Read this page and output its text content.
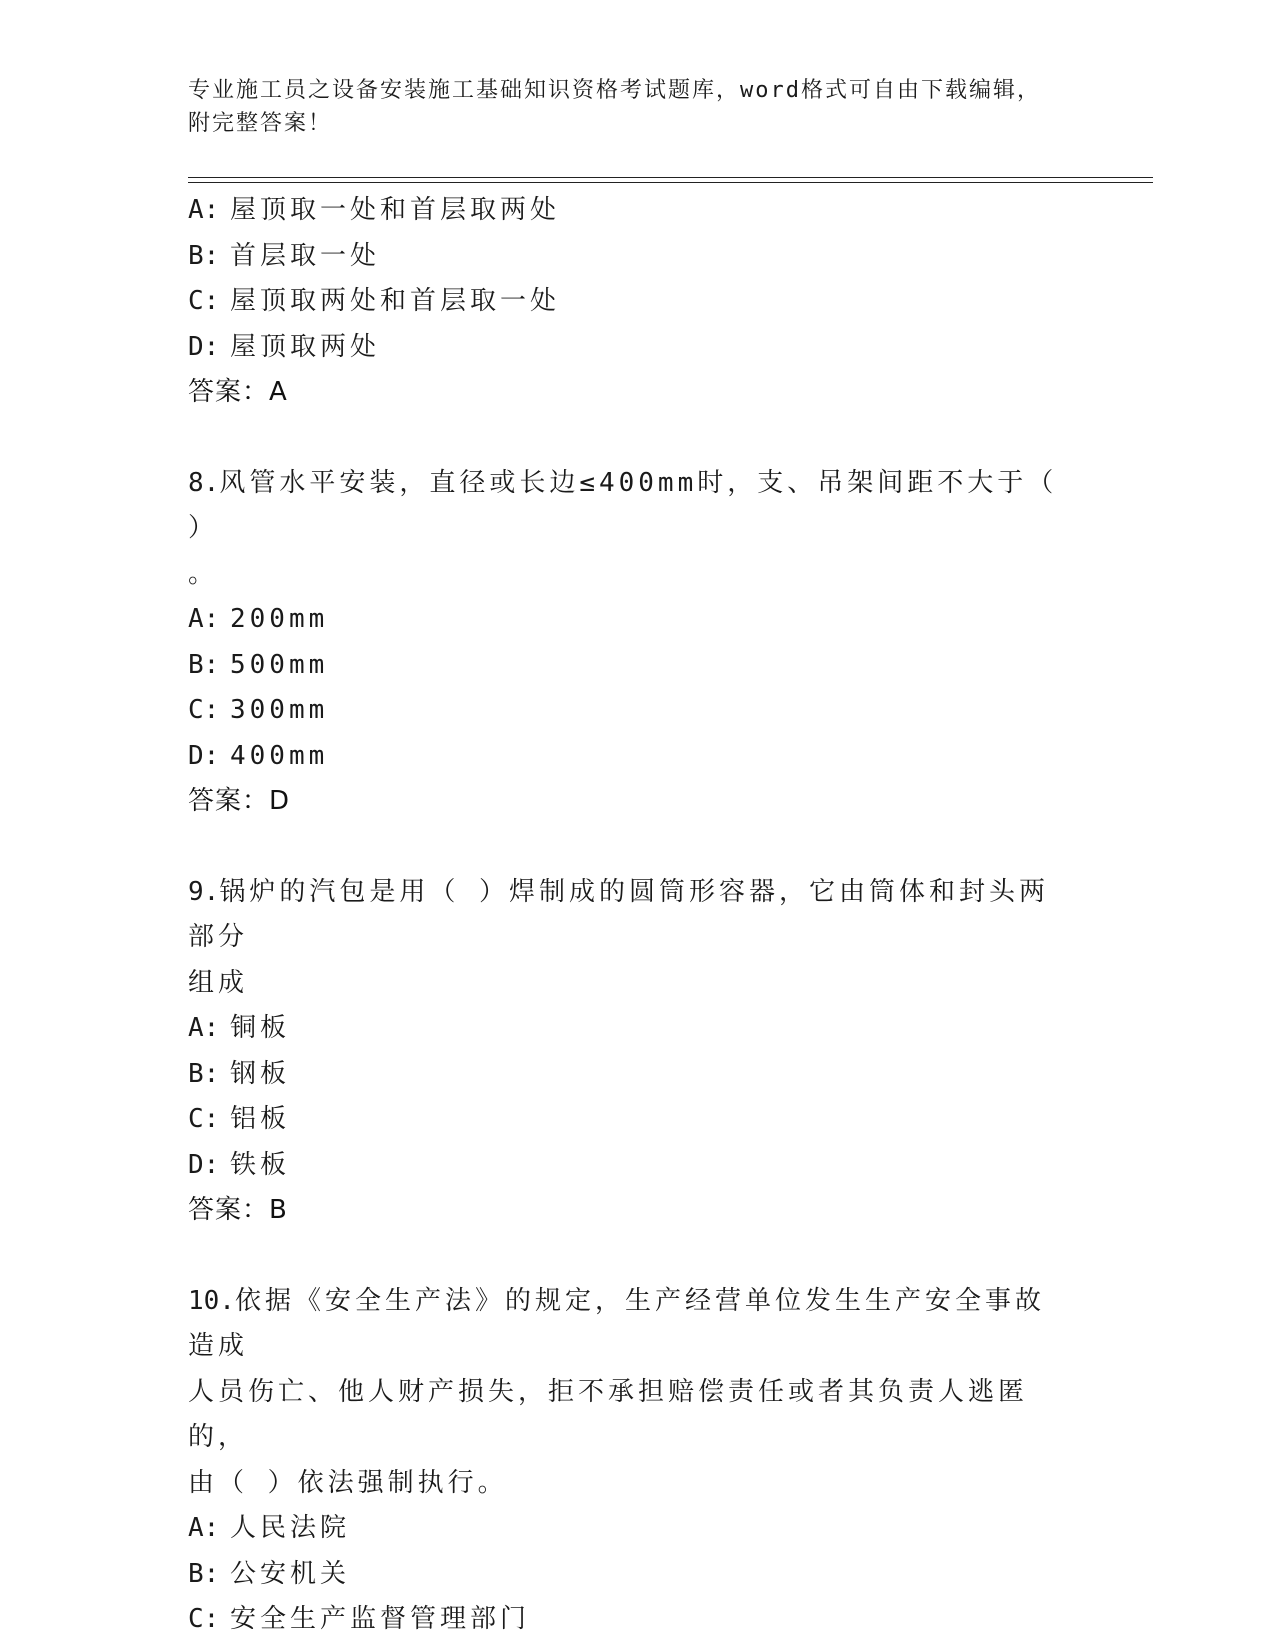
专业施工员之设备安装施工基础知识资格考试题库，word格式可自由下载编辑，
附完整答案！
A: 屋顶取一处和首层取两处
B: 首层取一处
C: 屋顶取两处和首层取一处
D: 屋顶取两处
答案：A
8.风管水平安装，直径或长边≤400mm时，支、吊架间距不大于（ ）
。
A: 200mm
B: 500mm
C: 300mm
D: 400mm
答案：D
9.锅炉的汽包是用（ ）焊制成的圆筒形容器，它由筒体和封头两部分
组成
A: 铜板
B: 钢板
C: 铝板
D: 铁板
答案：B
10.依据《安全生产法》的规定，生产经营单位发生生产安全事故造成
人员伤亡、他人财产损失，拒不承担赔偿责任或者其负责人逃匿的，
由（ ）依法强制执行。
A: 人民法院
B: 公安机关
C: 安全生产监督管理部门
